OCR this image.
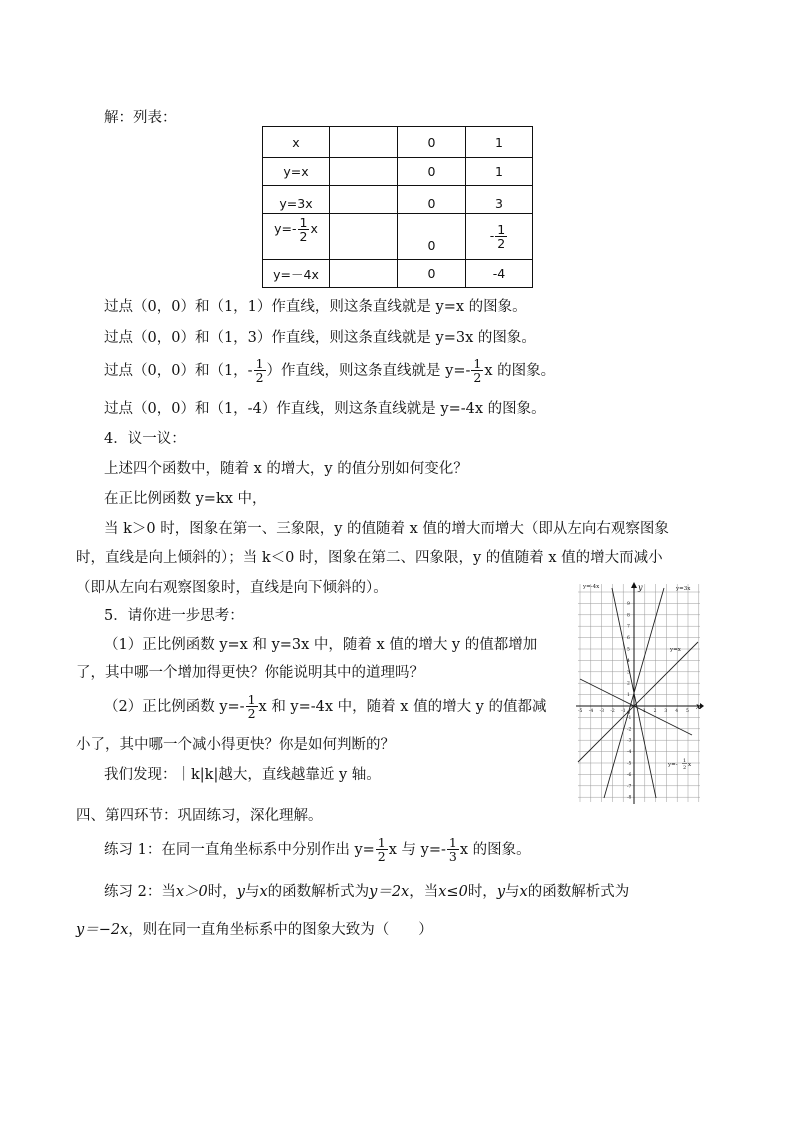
解：列表：
x		0	1
y=x		0	1
y=3x		0	3
$y=- \frac{1}{2}$ x		0	- $\frac{1}{2}$

y=－4x		0	-4
过点（0，0）和（1，1）作直线，则这条直线就是 y=x 的图象。
过点（0，0）和（1，3）作直线，则这条直线就是 y=3x 的图象。
过点（0，0）和（1，- $\frac{1}{2}$ ）作直线，则这条直线就是 $y=- \frac{1}{2}$ x 的图象。
过点（0，0）和（1，-4）作直线，则这条直线就是 y=-4x 的图象。
4．议一议：
上述四个函数中，随着 x 的增大，y 的值分别如何变化？
在正比例函数 y=kx 中，
当 k＞0 时，图象在第一、三象限，y 的值随着 x 值的增大而增大（即从左向右观察图象
时，直线是向上倾斜的）；当 k＜0 时，图象在第二、四象限，y 的值随着 x 值的增大而减小
（即从左向右观察图象时，直线是向下倾斜的）。
5．请你进一步思考：
（1）正比例函数 y=x 和 y=3x 中，随着 x 值的增大 y 的值都增加
了，其中哪一个增加得更快？你能说明其中的道理吗？
（2）正比例函数 $y=- \frac{1}{2}$ x 和 y=-4x 中，随着 x 值的增大 y 的值都减
小了，其中哪一个减小得更快？你是如何判断的？
我们发现：｜k|k|越大，直线越靠近 y 轴。
四、第四环节：巩固练习，深化理解。
练习 1：在同一直角坐标系中分别作出 $y= \frac{1}{2}$ x 与 $y=- \frac{1}{3}$ x 的图象。
练习 2：当x＞0时，y与x的函数解析式为y＝2x，当x≤0时，y与x的函数解析式为
y＝−2x，则在同一直角坐标系中的图象大致为（　　）
-5 -4 -3 -2 -1	1 2 3 4 5
9
8
7
6
5
4
3
2
1
-1
-2
-3
-4
-5
-6
-7
-8
0
y=-4x	y	y=3x
y=x
x
y=-
1
2 x
